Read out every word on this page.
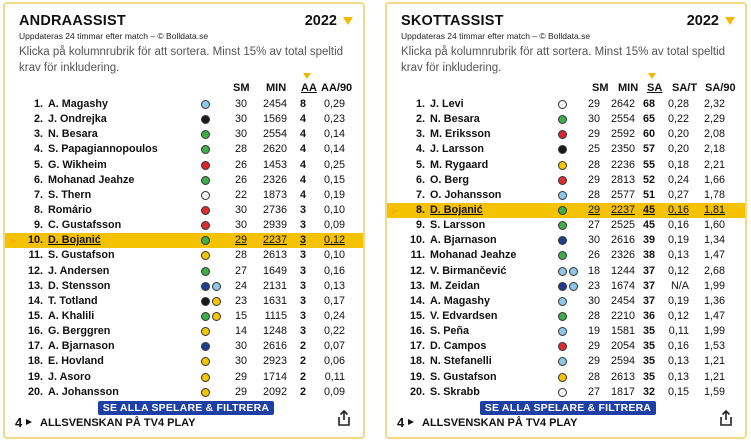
ANDRAASSIST	2022
Uppdateras 24 timmar efter match – © Bolldata.se
Klicka på kolumnrubrik för att sortera. Minst 15% av total speltid krav för inkludering.
SM MIN AA AA/90
1. A. Magashy	30 2454 8 0,29
2. J. Ondrejka	30 1569 4 0,23
3. N. Besara	30 2554 4 0,14
4. S. Papagiannopoulos	28 2620 4 0,14
5. G. Wikheim	26 1453 4 0,25
6. Mohanad Jeahze	26 2326 4 0,15
7. S. Thern	22 1873 4 0,19
8. Romário	30 2736 3 0,10
9. C. Gustafsson	30 2939 3 0,09
10. D. Bojanić	29 2237 3 0,12
11. S. Gustafson	28 2613 3 0,10
12. J. Andersen	27 1649 3 0,16
13. D. Stensson	24 2131 3 0,13
14. T. Totland	23 1631 3 0,17
15. A. Khalili	15 1115 3 0,24
16. G. Berggren	14 1248 3 0,22
17. A. Bjarnason	30 2616 2 0,07
18. E. Hovland	30 2923 2 0,06
19. J. Asoro	29 1714 2 0,11
20. A. Johansson	29 2092 2 0,09
SE ALLA SPELARE & FILTRERA
4 ALLSVENSKAN PÅ TV4 PLAY
SKOTTASSIST	2022
Uppdateras 24 timmar efter match – © Bolldata.se
Klicka på kolumnrubrik för att sortera. Minst 15% av total speltid krav för inkludering.
SM MIN SA SA/T SA/90
1. J. Levi	29 2642 68 0,28 2,32
2. N. Besara	30 2554 65 0,22 2,29
3. M. Eriksson	29 2592 60 0,20 2,08
4. J. Larsson	25 2350 57 0,20 2,18
5. M. Rygaard	28 2236 55 0,18 2,21
6. O. Berg	29 2813 52 0,24 1,66
7. O. Johansson	28 2577 51 0,27 1,78
8. D. Bojanić	29 2237 45 0,16 1,81
9. S. Larsson	27 2525 45 0,16 1,60
10. A. Bjarnason	30 2616 39 0,19 1,34
11. Mohanad Jeahze	26 2326 38 0,13 1,47
12. V. Birmančević	18 1244 37 0,12 2,68
13. M. Zeidan	23 1674 37 N/A 1,99
14. A. Magashy	30 2454 37 0,19 1,36
15. V. Edvardsen	28 2210 36 0,12 1,47
16. S. Peña	19 1581 35 0,11 1,99
17. D. Campos	29 2054 35 0,16 1,53
18. N. Stefanelli	29 2594 35 0,13 1,21
19. S. Gustafson	28 2613 35 0,13 1,21
20. S. Skrabb	27 1817 32 0,15 1,59
SE ALLA SPELARE & FILTRERA
4 ALLSVENSKAN PÅ TV4 PLAY
